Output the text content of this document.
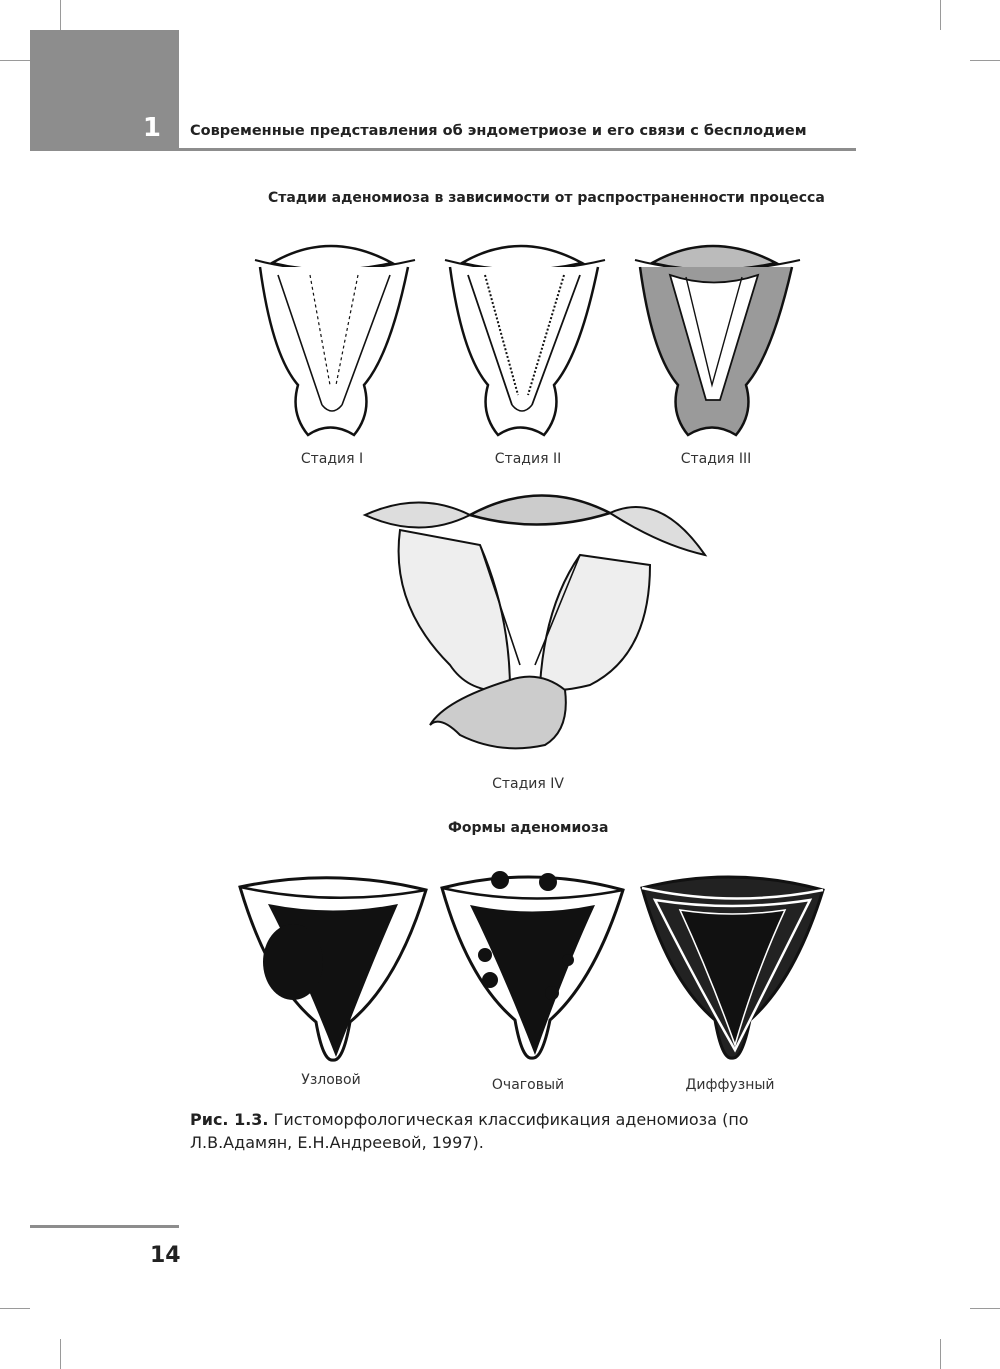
1 Современные представления об эндометриозе и его связи с бесплодием
Стадии аденомиоза в зависимости от распространенности процесса
Стадия I	Стадия II	Стадия III
Стадия IV
Формы аденомиоза
Узловой	Очаговый	Диффузный
Рис. 1.3. Гистоморфологическая классификация аденомиоза (по Л.В.Адамян, Е.Н.Андреевой, 1997).
14
